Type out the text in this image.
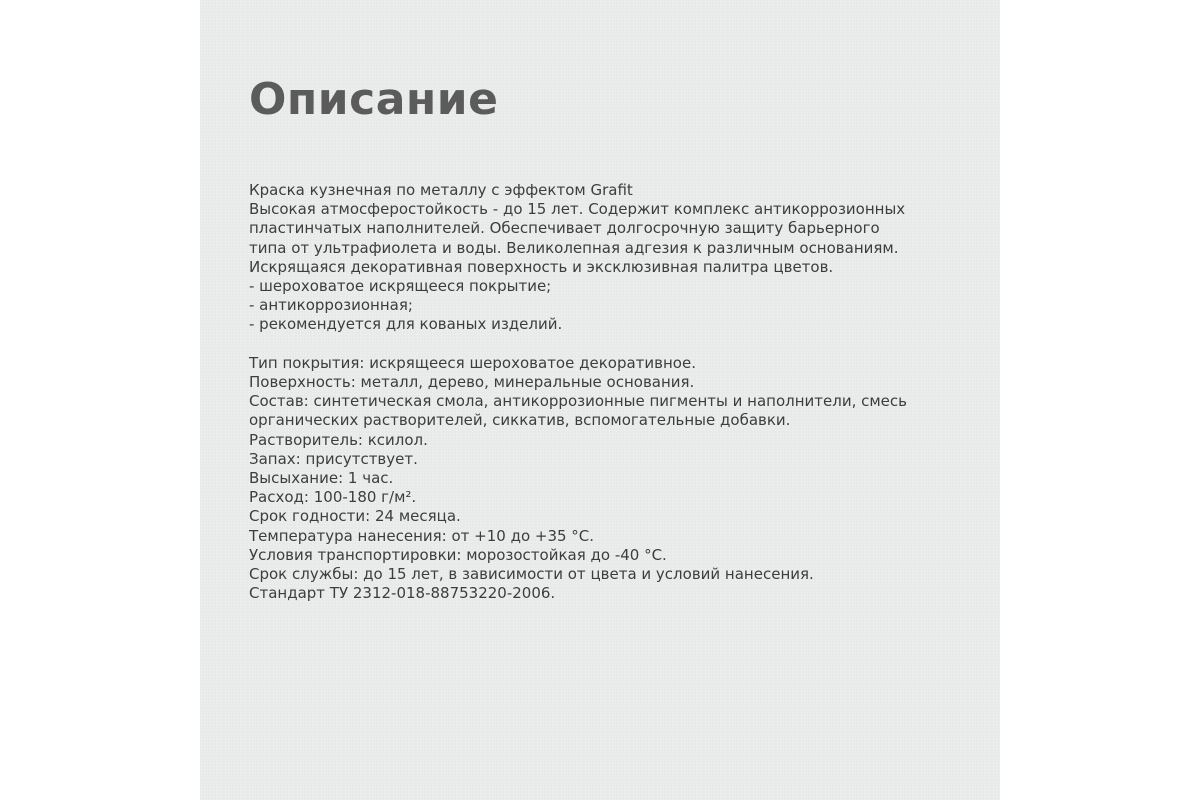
Описание
Краска кузнечная по металлу с эффектом Grafit
Высокая атмосферостойкость - до 15 лет. Содержит комплекс антикоррозионных
пластинчатых наполнителей. Обеспечивает долгосрочную защиту барьерного
типа от ультрафиолета и воды. Великолепная адгезия к различным основаниям.
Искрящаяся декоративная поверхность и эксклюзивная палитра цветов.
- шероховатое искрящееся покрытие;
- антикоррозионная;
- рекомендуется для кованых изделий.
Тип покрытия: искрящееся шероховатое декоративное.
Поверхность: металл, дерево, минеральные основания.
Состав: синтетическая смола, антикоррозионные пигменты и наполнители, смесь
органических растворителей, сиккатив, вспомогательные добавки.
Растворитель: ксилол.
Запах: присутствует.
Высыхание: 1 час.
Расход: 100-180 г/м².
Срок годности: 24 месяца.
Температура нанесения: от +10 до +35 °С.
Условия транспортировки: морозостойкая до -40 °С.
Срок службы: до 15 лет, в зависимости от цвета и условий нанесения.
Стандарт ТУ 2312-018-88753220-2006.
